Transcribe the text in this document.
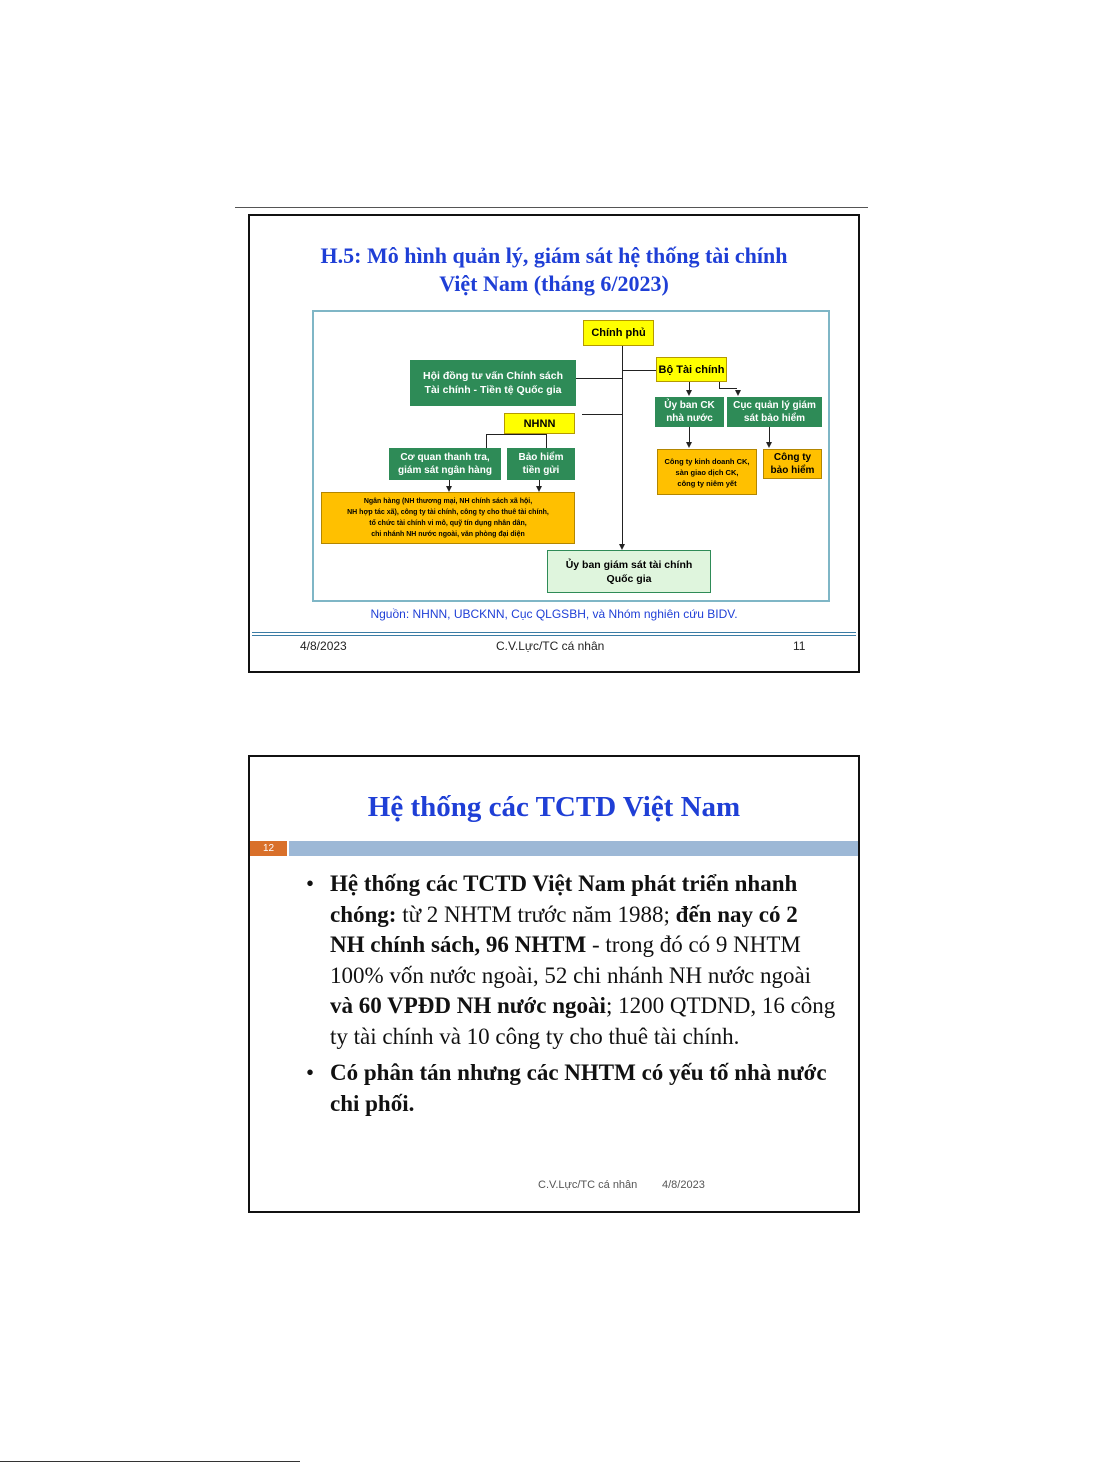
H.5: Mô hình quản lý, giám sát hệ thống tài chính
Việt Nam (tháng 6/2023)
Chính phủ
Hội đồng tư vấn Chính sách
Tài chính - Tiền tệ Quốc gia
Bộ Tài chính
Ủy ban CK
nhà nước
Cục quản lý giám
sát bảo hiểm
NHNN
Cơ quan thanh tra,
giám sát ngân hàng
Bảo hiểm
tiền gửi
Công ty kinh doanh CK,
sàn giao dịch CK,
công ty niêm yết
Công ty
bảo hiểm
Ngân hàng (NH thương mại, NH chính sách xã hội,
NH hợp tác xã), công ty tài chính, công ty cho thuê tài chính,
tổ chức tài chính vi mô, quỹ tín dụng nhân dân,
chi nhánh NH nước ngoài, văn phòng đại diện
Ủy ban giám sát tài chính
Quốc gia
Nguồn: NHNN, UBCKNN, Cục QLGSBH, và Nhóm nghiên cứu BIDV.
4/8/2023	C.V.Lực/TC cá nhân	11
Hệ thống các TCTD Việt Nam
12
• Hệ thống các TCTD Việt Nam phát triển nhanh chóng: từ 2 NHTM trước năm 1988; đến nay có 2 NH chính sách, 96 NHTM - trong đó có 9 NHTM 100% vốn nước ngoài, 52 chi nhánh NH nước ngoài và 60 VPĐD NH nước ngoài; 1200 QTDND, 16 công ty tài chính và 10 công ty cho thuê tài chính.
• Có phân tán nhưng các NHTM có yếu tố nhà nước chi phối.
C.V.Lực/TC cá nhân 4/8/2023
